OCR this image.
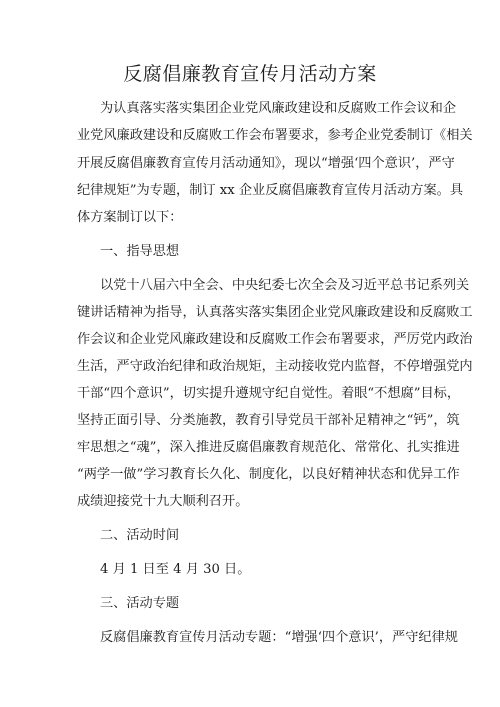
反腐倡廉教育宣传月活动方案
为认真落实落实集团企业党风廉政建设和反腐败工作会议和企
业党风廉政建设和反腐败工作会布署要求，参考企业党委制订《相关
开展反腐倡廉教育宣传月活动通知》，现以“增强‘四个意识’，严守
纪律规矩”为专题，制订 xx 企业反腐倡廉教育宣传月活动方案。具
体方案制订以下：
一、指导思想
以党十八届六中全会、中央纪委七次全会及习近平总书记系列关
键讲话精神为指导，认真落实落实集团企业党风廉政建设和反腐败工
作会议和企业党风廉政建设和反腐败工作会布署要求，严厉党内政治
生活，严守政治纪律和政治规矩，主动接收党内监督，不停增强党内
干部“四个意识”，切实提升遵规守纪自觉性。着眼“不想腐”目标，
坚持正面引导、分类施教，教育引导党员干部补足精神之“钙”，筑
牢思想之“魂”，深入推进反腐倡廉教育规范化、常常化、扎实推进
“两学一做”学习教育长久化、制度化，以良好精神状态和优异工作
成绩迎接党十九大顺利召开。
二、活动时间
4 月 1 日至 4 月 30 日。
三、活动专题
反腐倡廉教育宣传月活动专题：“增强‘四个意识’，严守纪律规
